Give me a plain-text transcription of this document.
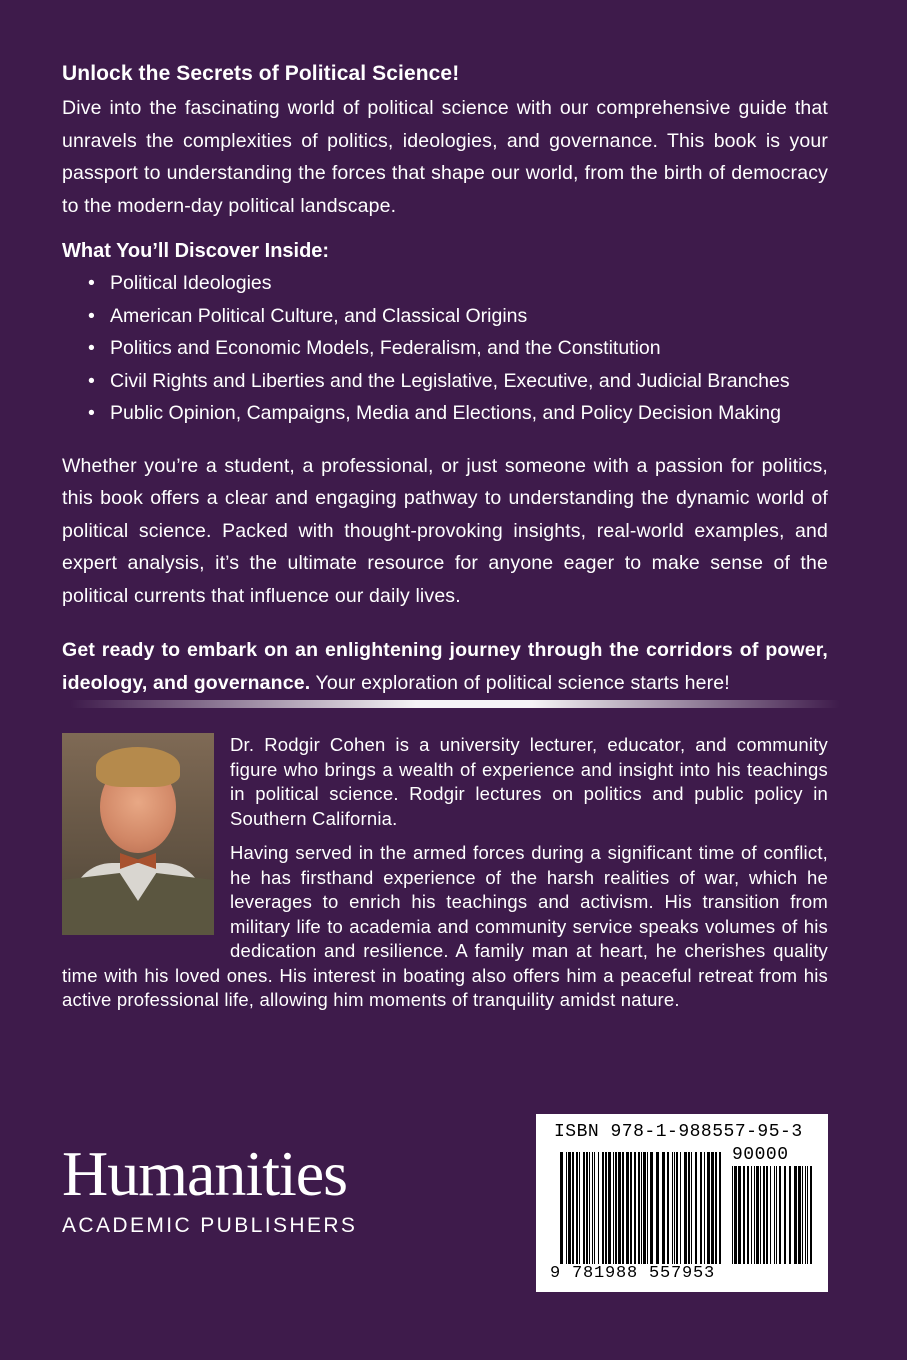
Unlock the Secrets of Political Science!

Dive into the fascinating world of political science with our comprehensive guide that unravels the complexities of politics, ideologies, and governance. This book is your passport to understanding the forces that shape our world, from the birth of democracy to the modern-day political landscape.

What You’ll Discover Inside:
• Political Ideologies
• American Political Culture, and Classical Origins
• Politics and Economic Models, Federalism, and the Constitution
• Civil Rights and Liberties and the Legislative, Executive, and Judicial Branches
• Public Opinion, Campaigns, Media and Elections, and Policy Decision Making

Whether you’re a student, a professional, or just someone with a passion for politics, this book offers a clear and engaging pathway to understanding the dynamic world of political science. Packed with thought-provoking insights, real-world examples, and expert analysis, it’s the ultimate resource for anyone eager to make sense of the political currents that influence our daily lives.

Get ready to embark on an enlightening journey through the corridors of power, ideology, and governance. Your exploration of political science starts here!

Dr. Rodgir Cohen is a university lecturer, educator, and community figure who brings a wealth of experience and insight into his teachings in political science. Rodgir lectures on politics and public policy in Southern California.

Having served in the armed forces during a significant time of conflict, he has firsthand experience of the harsh realities of war, which he leverages to enrich his teachings and activism. His transition from military life to academia and community service speaks volumes of his dedication and resilience. A family man at heart, he cherishes quality time with his loved ones. His interest in boating also offers him a peaceful retreat from his active professional life, allowing him moments of tranquility amidst nature.

Humanities
ACADEMIC PUBLISHERS
ISBN 978-1-988557-95-3
90000
9 781988 557953
